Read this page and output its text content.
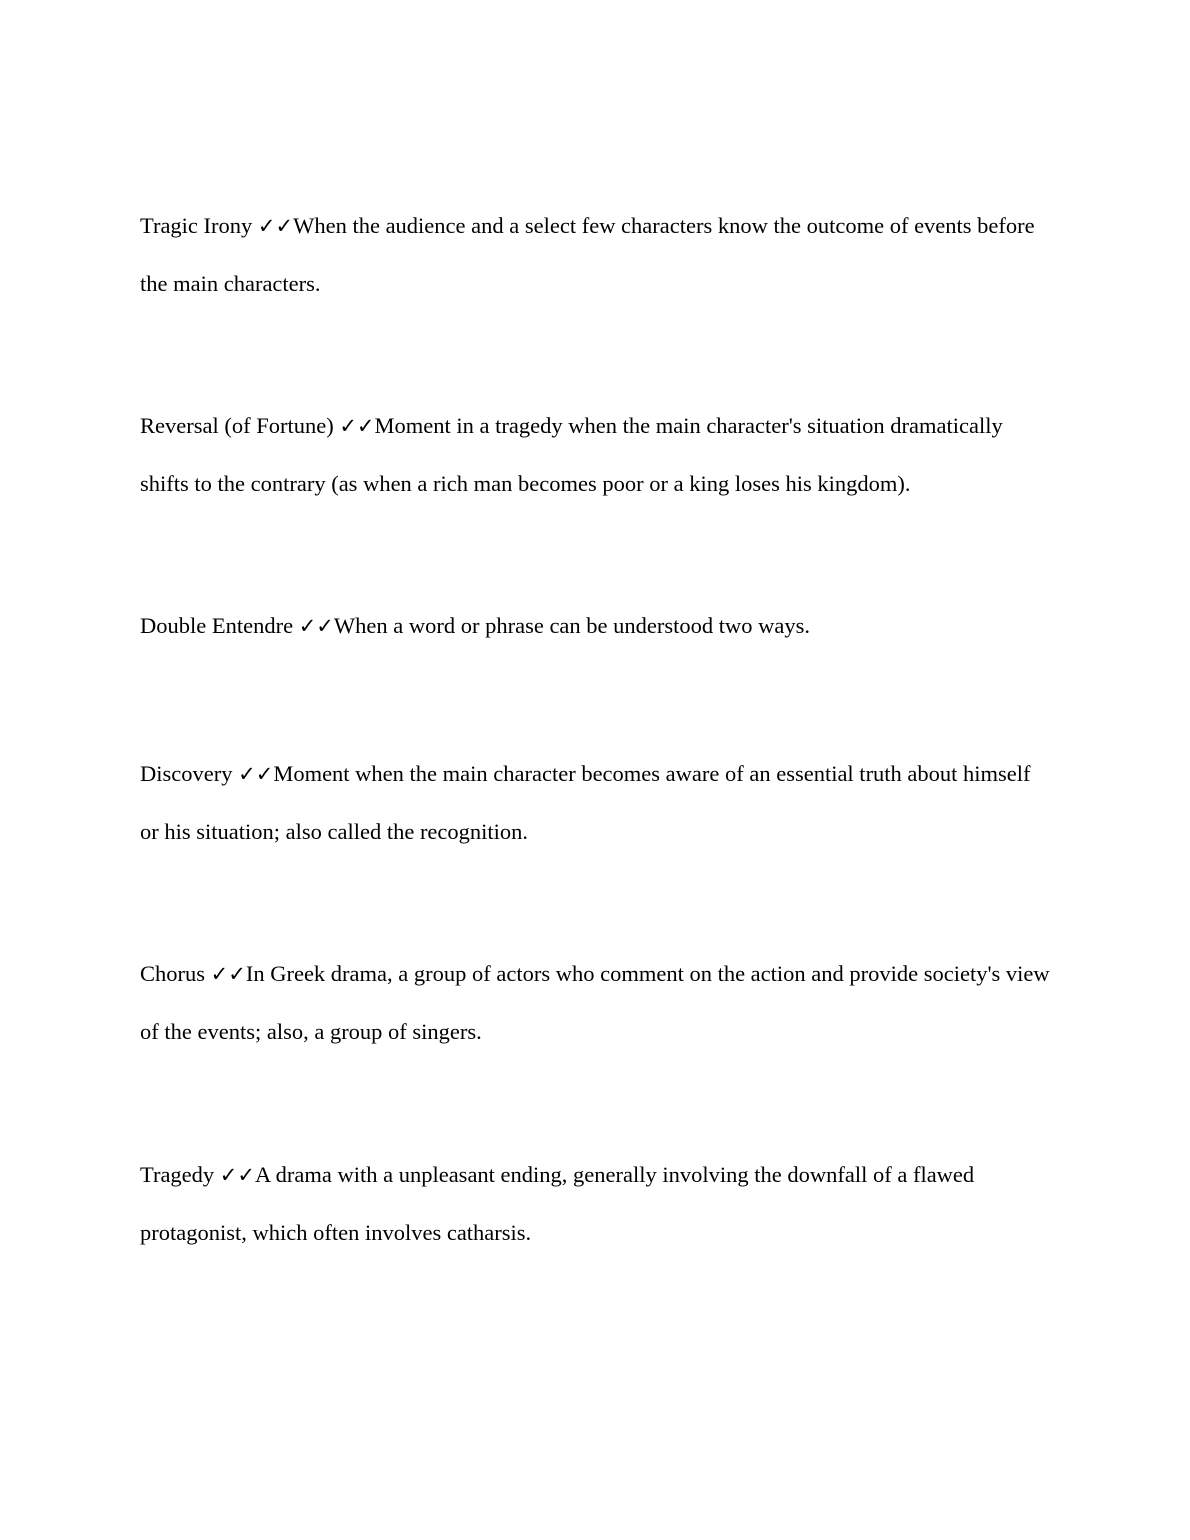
Tragic Irony ✓✓When the audience and a select few characters know the outcome of events before the main characters.

Reversal (of Fortune) ✓✓Moment in a tragedy when the main character's situation dramatically shifts to the contrary (as when a rich man becomes poor or a king loses his kingdom).

Double Entendre ✓✓When a word or phrase can be understood two ways.

Discovery ✓✓Moment when the main character becomes aware of an essential truth about himself or his situation; also called the recognition.

Chorus ✓✓In Greek drama, a group of actors who comment on the action and provide society's view of the events; also, a group of singers.

Tragedy ✓✓A drama with a unpleasant ending, generally involving the downfall of a flawed protagonist, which often involves catharsis.
